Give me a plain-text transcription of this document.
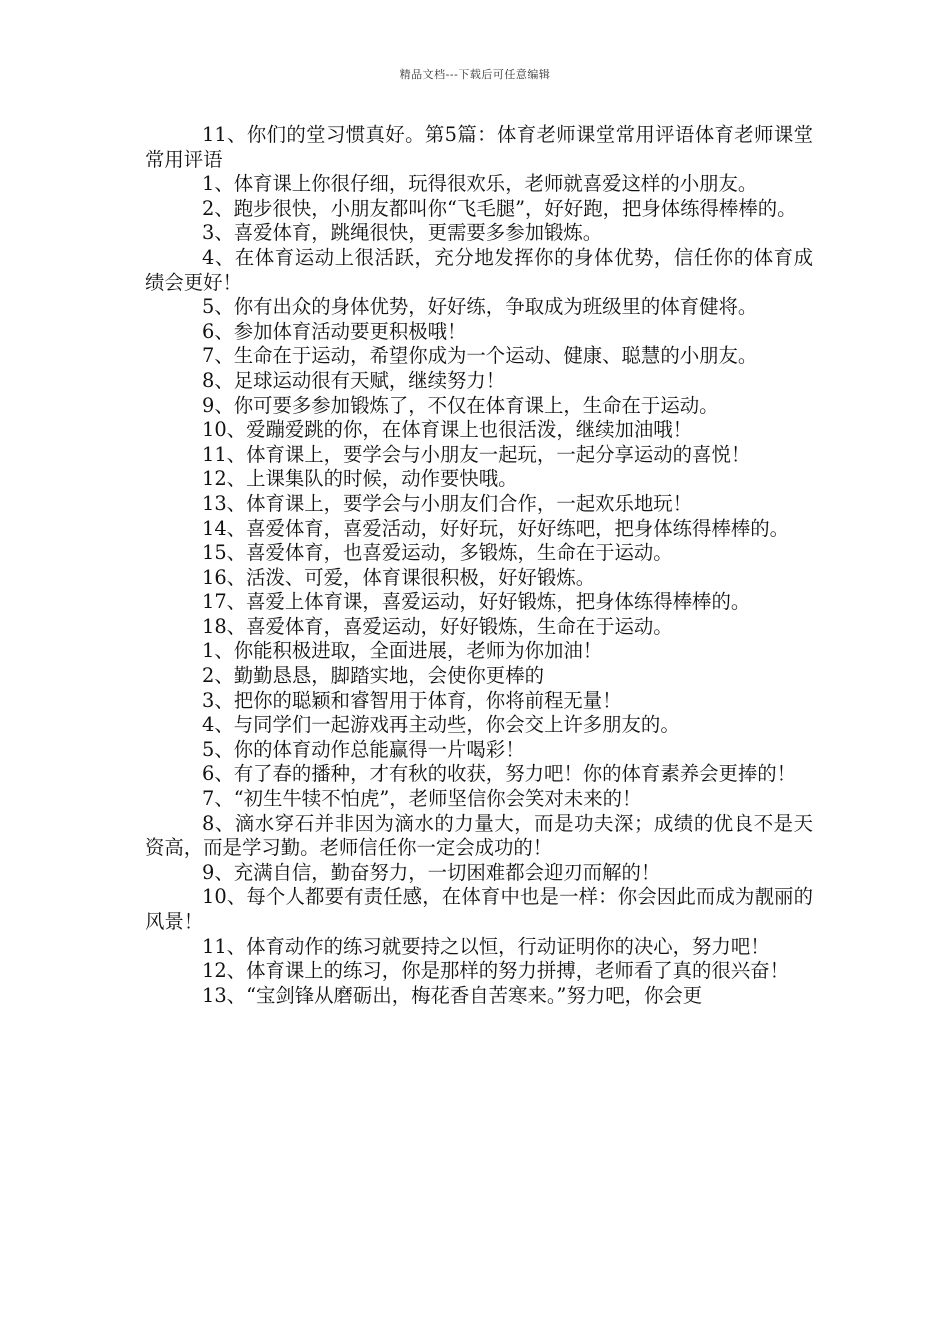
精品文档---下载后可任意编辑

11、你们的堂习惯真好。第5篇：体育老师课堂常用评语体育老师课堂常用评语

1、体育课上你很仔细，玩得很欢乐，老师就喜爱这样的小朋友。

2、跑步很快，小朋友都叫你“飞毛腿”，好好跑，把身体练得棒棒的。

3、喜爱体育，跳绳很快，更需要多参加锻炼。

4、在体育运动上很活跃，充分地发挥你的身体优势，信任你的体育成绩会更好！

5、你有出众的身体优势，好好练，争取成为班级里的体育健将。

6、参加体育活动要更积极哦！

7、生命在于运动，希望你成为一个运动、健康、聪慧的小朋友。

8、足球运动很有天赋，继续努力！

9、你可要多参加锻炼了，不仅在体育课上，生命在于运动。

10、爱蹦爱跳的你，在体育课上也很活泼，继续加油哦！

11、体育课上，要学会与小朋友一起玩，一起分享运动的喜悦！

12、上课集队的时候，动作要快哦。

13、体育课上，要学会与小朋友们合作，一起欢乐地玩！

14、喜爱体育，喜爱活动，好好玩，好好练吧，把身体练得棒棒的。

15、喜爱体育，也喜爱运动，多锻炼，生命在于运动。

16、活泼、可爱，体育课很积极，好好锻炼。

17、喜爱上体育课，喜爱运动，好好锻炼，把身体练得棒棒的。

18、喜爱体育，喜爱运动，好好锻炼，生命在于运动。

1、你能积极进取，全面进展，老师为你加油！

2、勤勤恳恳，脚踏实地，会使你更棒的

3、把你的聪颖和睿智用于体育，你将前程无量！

4、与同学们一起游戏再主动些，你会交上许多朋友的。

5、你的体育动作总能赢得一片喝彩！

6、有了春的播种，才有秋的收获，努力吧！你的体育素养会更捧的！

7、“初生牛犊不怕虎”，老师坚信你会笑对未来的！

8、滴水穿石并非因为滴水的力量大，而是功夫深；成绩的优良不是天资高，而是学习勤。老师信任你一定会成功的！

9、充满自信，勤奋努力，一切困难都会迎刃而解的！

10、每个人都要有责任感，在体育中也是一样：你会因此而成为靓丽的风景！

11、体育动作的练习就要持之以恒，行动证明你的决心，努力吧！

12、体育课上的练习，你是那样的努力拼搏，老师看了真的很兴奋！

13、“宝剑锋从磨砺出，梅花香自苦寒来。”努力吧，你会更
